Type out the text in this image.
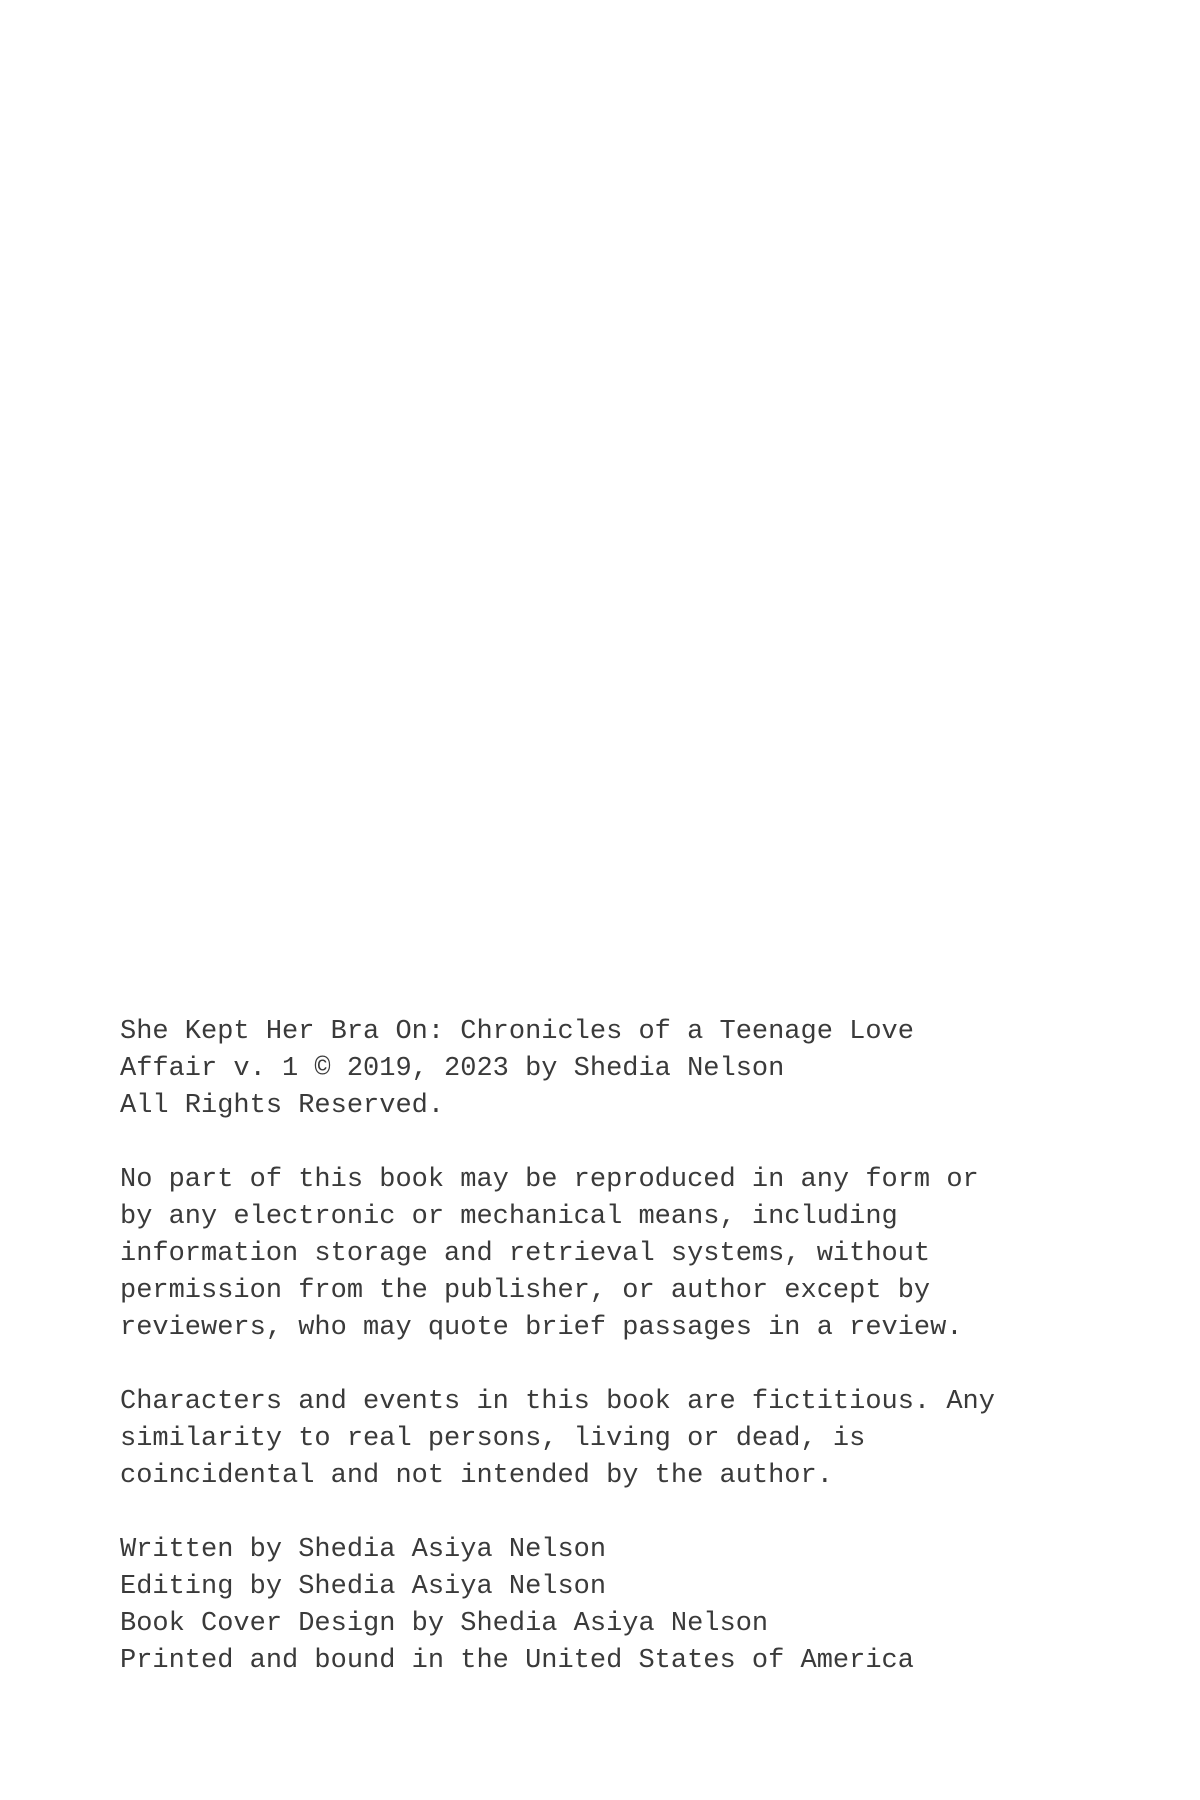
She Kept Her Bra On: Chronicles of a Teenage Love
Affair v. 1 © 2019, 2023 by Shedia Nelson
All Rights Reserved.
No part of this book may be reproduced in any form or
by any electronic or mechanical means, including
information storage and retrieval systems, without
permission from the publisher, or author except by
reviewers, who may quote brief passages in a review.
Characters and events in this book are fictitious. Any
similarity to real persons, living or dead, is
coincidental and not intended by the author.
Written by Shedia Asiya Nelson
Editing by Shedia Asiya Nelson
Book Cover Design by Shedia Asiya Nelson
Printed and bound in the United States of America
